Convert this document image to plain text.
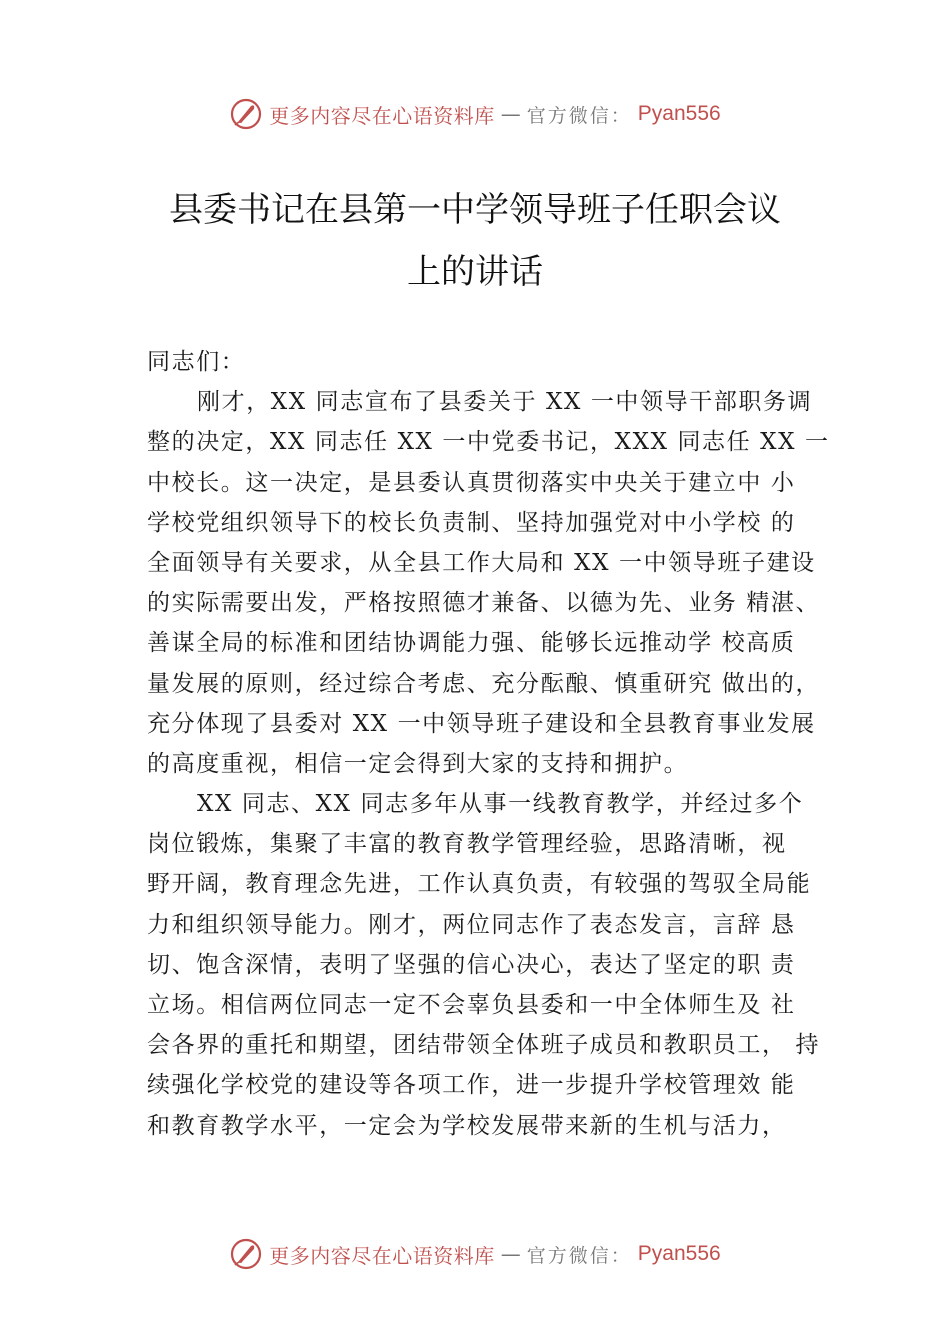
更多内容尽在心语资料库 — 官方微信： Pyan556
县委书记在县第一中学领导班子任职会议
上的讲话
同志们：
刚才，XX 同志宣布了县委关于 XX 一中领导干部职务调
整的决定，XX 同志任 XX 一中党委书记，XXX 同志任 XX 一
中校长。这一决定，是县委认真贯彻落实中央关于建立中 小
学校党组织领导下的校长负责制、坚持加强党对中小学校 的
全面领导有关要求，从全县工作大局和 XX 一中领导班子建设
的实际需要出发，严格按照德才兼备、以德为先、业务 精湛、
善谋全局的标准和团结协调能力强、能够长远推动学 校高质
量发展的原则，经过综合考虑、充分酝酿、慎重研究 做出的，
充分体现了县委对 XX 一中领导班子建设和全县教育事业发展
的高度重视，相信一定会得到大家的支持和拥护。
XX 同志、XX 同志多年从事一线教育教学，并经过多个
岗位锻炼，集聚了丰富的教育教学管理经验，思路清晰，视
野开阔，教育理念先进，工作认真负责，有较强的驾驭全局能
力和组织领导能力。刚才，两位同志作了表态发言，言辞 恳
切、饱含深情，表明了坚强的信心决心，表达了坚定的职 责
立场。相信两位同志一定不会辜负县委和一中全体师生及 社
会各界的重托和期望，团结带领全体班子成员和教职员工， 持
续强化学校党的建设等各项工作，进一步提升学校管理效 能
和教育教学水平，一定会为学校发展带来新的生机与活力，
更多内容尽在心语资料库 — 官方微信： Pyan556
